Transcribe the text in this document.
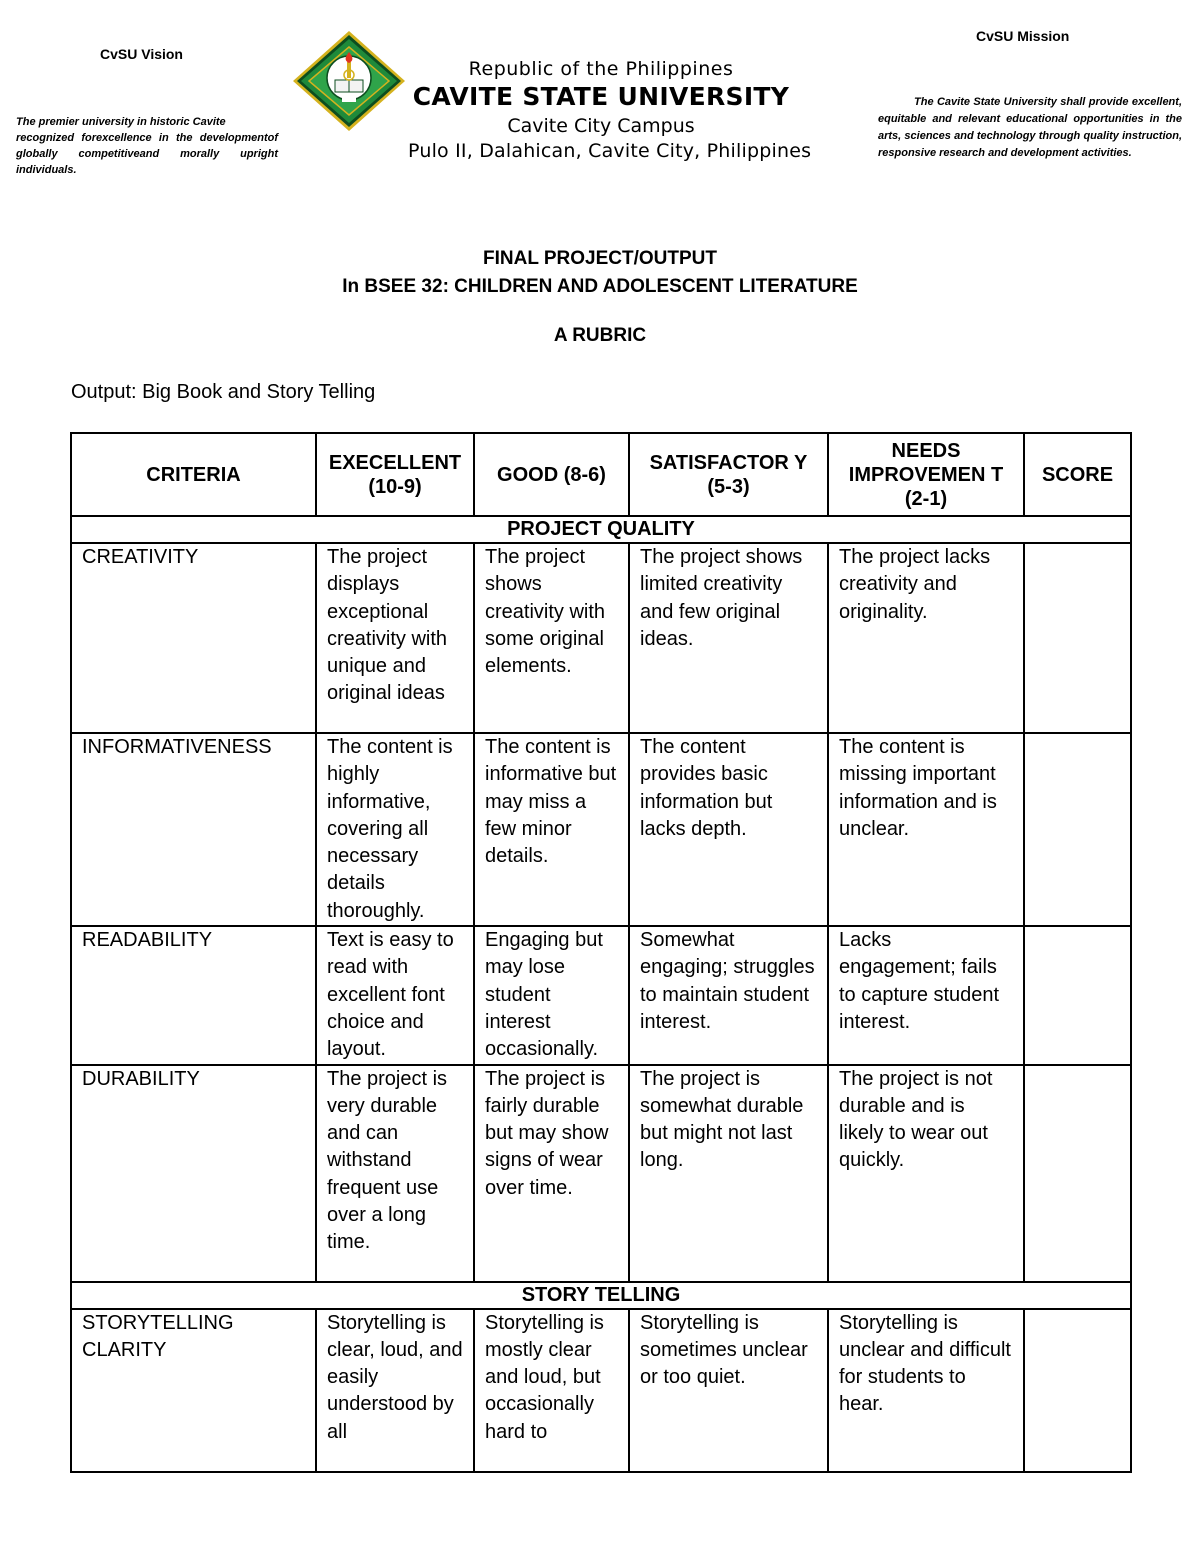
CvSU Vision
The premier university in historic Cavite
recognized forexcellence in the developmentof globally competitiveand morally upright individuals.
Republic of the Philippines
CAVITE STATE UNIVERSITY
Cavite City Campus
Pulo II, Dalahican, Cavite City, Philippines
CvSU Mission
The Cavite State University shall provide excellent, equitable and relevant educational opportunities in the arts, sciences and technology through quality instruction, responsive research and development activities.
FINAL PROJECT/OUTPUT
In BSEE 32: CHILDREN AND ADOLESCENT LITERATURE
A RUBRIC
Output: Big Book and Story Telling
CRITERIA	EXECELLENT (10-9)	GOOD (8-6)	SATISFACTOR Y (5-3)	NEEDS IMPROVEMEN T (2-1)	SCORE
PROJECT QUALITY					
CREATIVITY	The project displays exceptional creativity with unique and original ideas	The project shows creativity with some original elements.	The project shows limited creativity and few original ideas.	The project lacks creativity and originality.	
INFORMATIVENESS	The content is highly informative, covering all necessary details thoroughly.	The content is informative but may miss a few minor details.	The content provides basic information but lacks depth.	The content is missing important information and is unclear.	
READABILITY	Text is easy to read with excellent font choice and layout.	Engaging but may lose student interest occasionally.	Somewhat engaging; struggles to maintain student interest.	Lacks engagement; fails to capture student interest.	
DURABILITY	The project is very durable and can withstand frequent use over a long time.	The project is fairly durable but may show signs of wear over time.	The project is somewhat durable but might not last long.	The project is not durable and is likely to wear out quickly.	
STORY TELLING					
STORYTELLING CLARITY	Storytelling is clear, loud, and easily understood by all	Storytelling is mostly clear and loud, but occasionally hard to	Storytelling is sometimes unclear or too quiet.	Storytelling is unclear and difficult for students to hear.	
